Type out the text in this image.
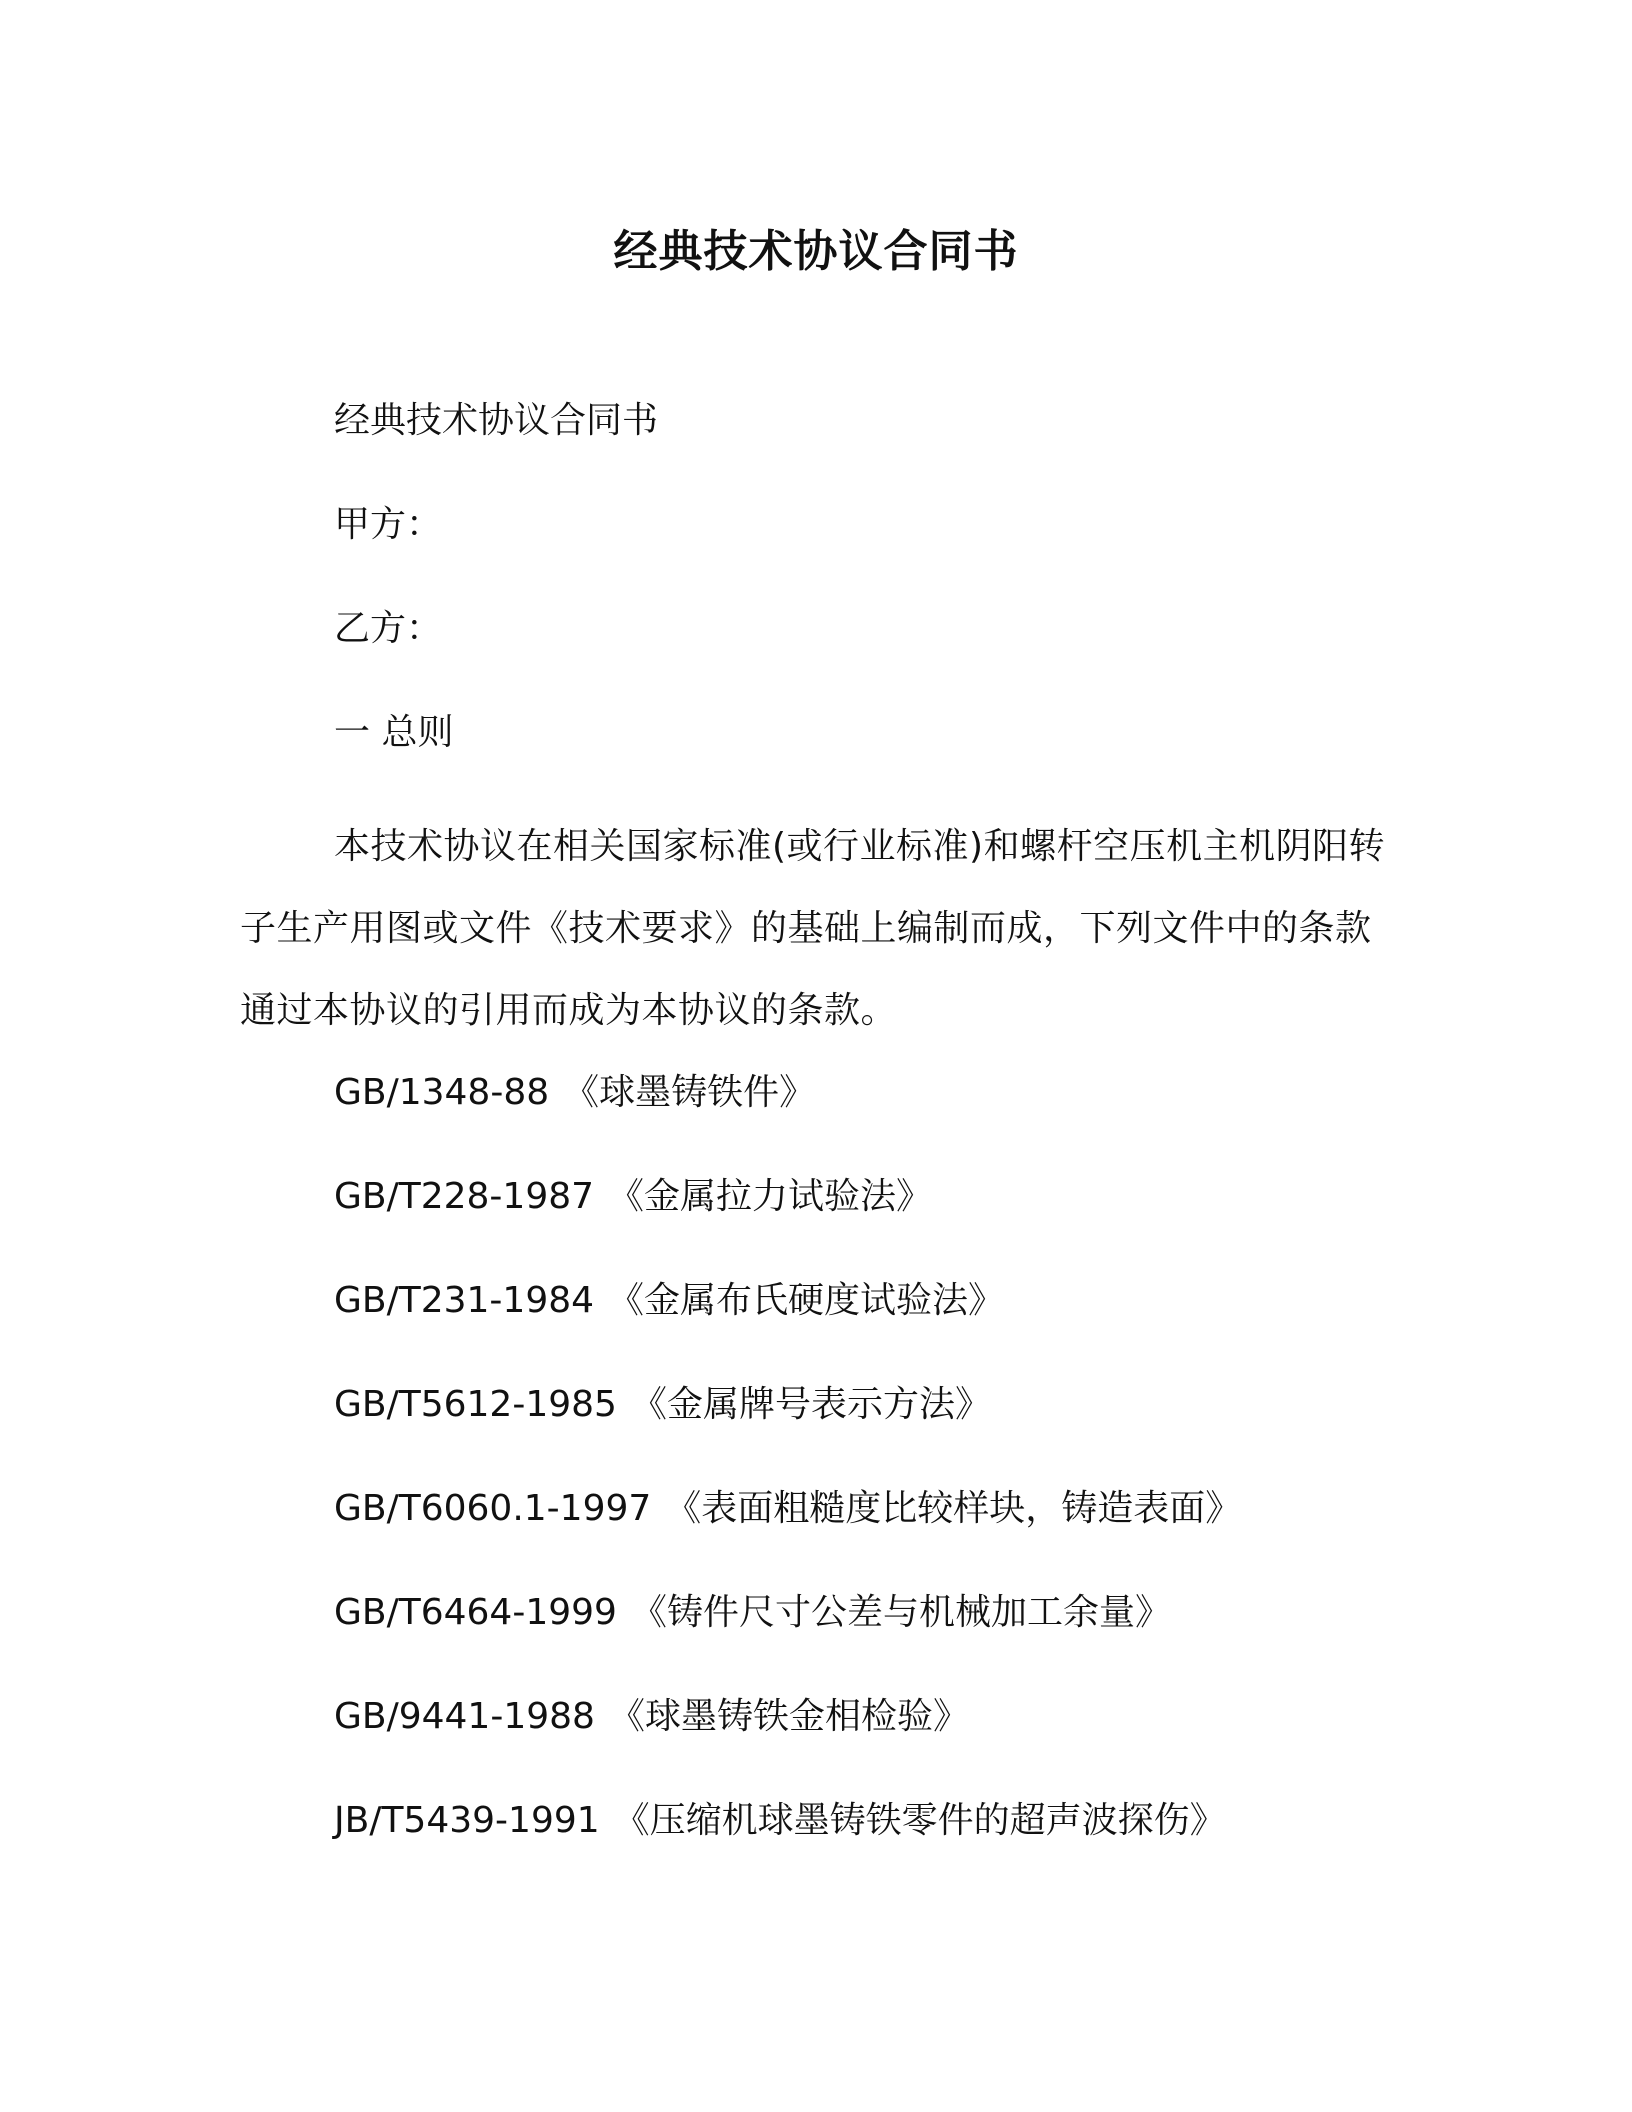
经典技术协议合同书
经典技术协议合同书
甲方：
乙方：
一 总则

本技术协议在相关国家标准(或行业标准)和螺杆空压机主机阴阳转子生产用图或文件《技术要求》的基础上编制而成，下列文件中的条款通过本协议的引用而成为本协议的条款。

GB/1348-88 《球墨铸铁件》
GB/T228-1987 《金属拉力试验法》
GB/T231-1984 《金属布氏硬度试验法》
GB/T5612-1985 《金属牌号表示方法》
GB/T6060.1-1997 《表面粗糙度比较样块，铸造表面》
GB/T6464-1999 《铸件尺寸公差与机械加工余量》
GB/9441-1988 《球墨铸铁金相检验》
JB/T5439-1991 《压缩机球墨铸铁零件的超声波探伤》
